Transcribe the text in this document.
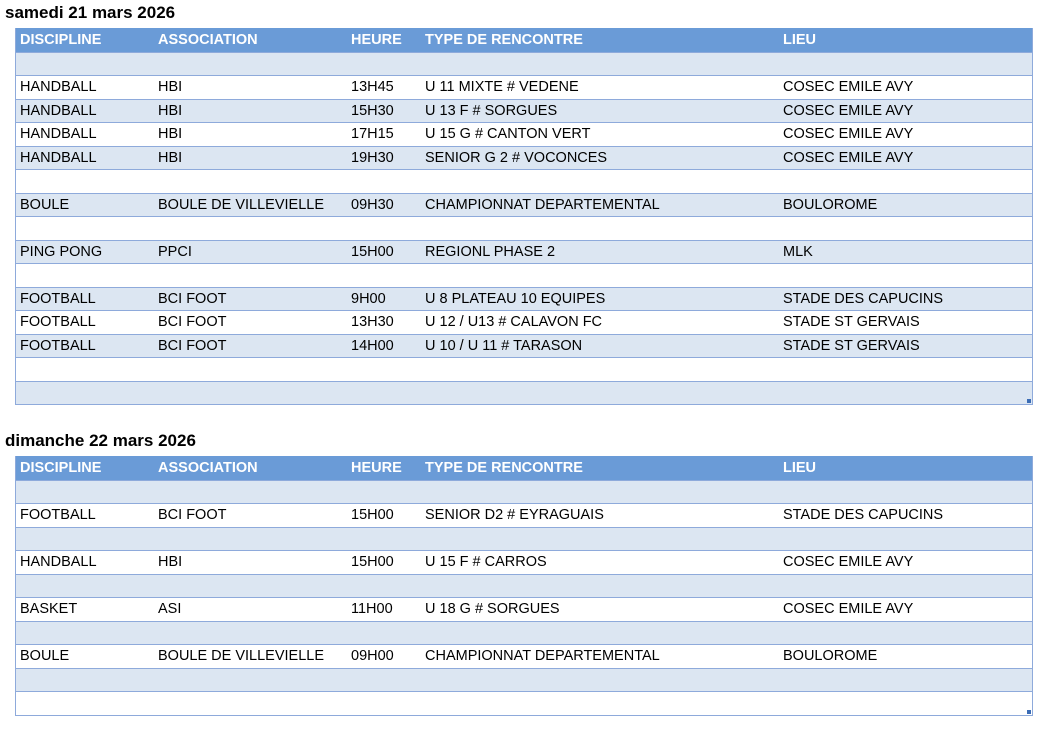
samedi 21 mars 2026
DISCIPLINE	ASSOCIATION	HEURE TYPE DE RENCONTRE	LIEU
HANDBALL	HBI	13H45 U 11 MIXTE # VEDENE	COSEC EMILE AVY
HANDBALL	HBI	15H30 U 13 F # SORGUES	COSEC EMILE AVY
HANDBALL	HBI	17H15 U 15 G # CANTON VERT	COSEC EMILE AVY
HANDBALL	HBI	19H30 SENIOR G 2 # VOCONCES	COSEC EMILE AVY
BOULE	BOULE DE VILLEVIELLE 09H30 CHAMPIONNAT DEPARTEMENTAL	BOULOROME
PING PONG	PPCI	15H00 REGIONL PHASE 2	MLK
FOOTBALL	BCI FOOT	9H00	U 8 PLATEAU 10 EQUIPES	STADE DES CAPUCINS
FOOTBALL	BCI FOOT	13H30 U 12 / U13 # CALAVON FC	STADE ST GERVAIS
FOOTBALL	BCI FOOT	14H00 U 10 / U 11 # TARASON	STADE ST GERVAIS
dimanche 22 mars 2026
DISCIPLINE	ASSOCIATION	HEURE TYPE DE RENCONTRE	LIEU
FOOTBALL	BCI FOOT	15H00 SENIOR D2 # EYRAGUAIS	STADE DES CAPUCINS
HANDBALL	HBI	15H00 U 15 F # CARROS	COSEC EMILE AVY
BASKET	ASI	11H00 U 18 G # SORGUES	COSEC EMILE AVY
BOULE	BOULE DE VILLEVIELLE 09H00 CHAMPIONNAT DEPARTEMENTAL	BOULOROME
